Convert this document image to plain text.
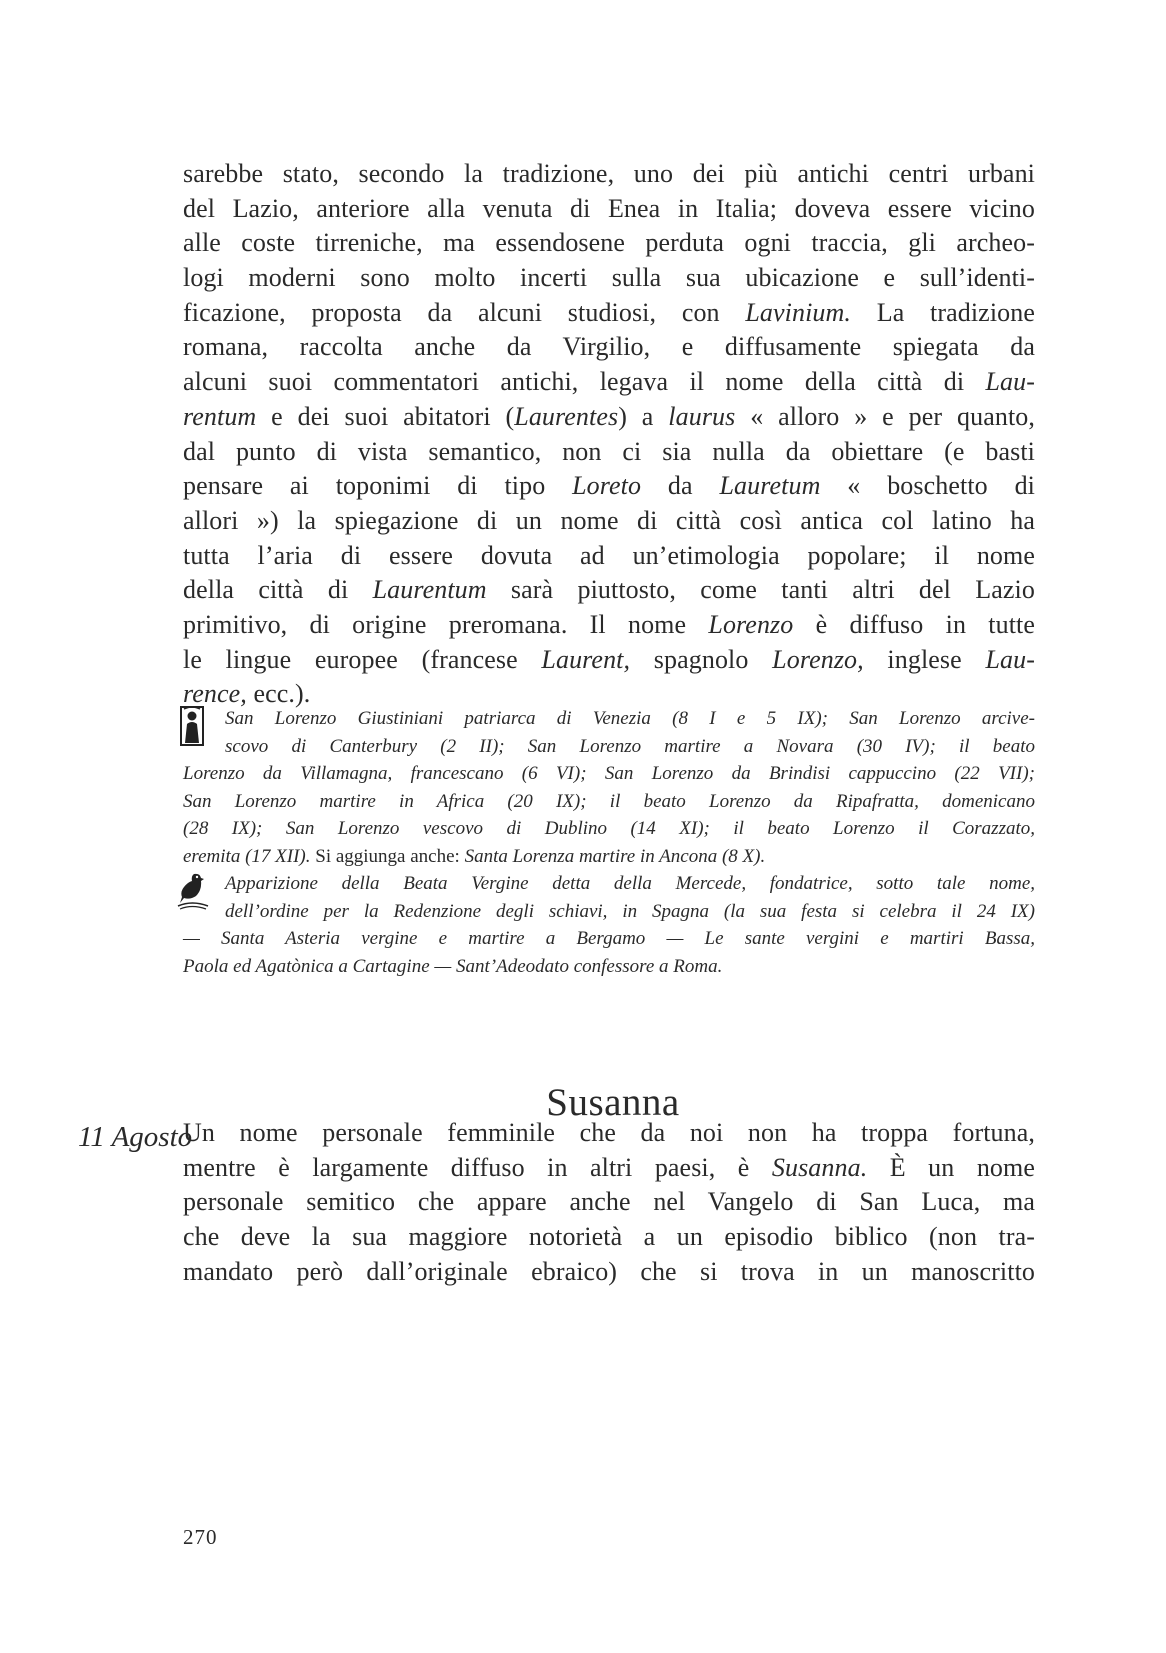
sarebbe stato, secondo la tradizione, uno dei più antichi centri urbani
del Lazio, anteriore alla venuta di Enea in Italia; doveva essere vicino
alle coste tirreniche, ma essendosene perduta ogni traccia, gli archeo-
logi moderni sono molto incerti sulla sua ubicazione e sull’identi-
ficazione, proposta da alcuni studiosi, con Lavinium. La tradizione
romana, raccolta anche da Virgilio, e diffusamente spiegata da
alcuni suoi commentatori antichi, legava il nome della città di Lau-
rentum e dei suoi abitatori (Laurentes) a laurus « alloro » e per quanto,
dal punto di vista semantico, non ci sia nulla da obiettare (e basti
pensare ai toponimi di tipo Loreto da Lauretum « boschetto di
allori ») la spiegazione di un nome di città così antica col latino ha
tutta l’aria di essere dovuta ad un’etimologia popolare; il nome
della città di Laurentum sarà piuttosto, come tanti altri del Lazio
primitivo, di origine preromana. Il nome Lorenzo è diffuso in tutte
le lingue europee (francese Laurent, spagnolo Lorenzo, inglese Lau-
rence, ecc.).
San Lorenzo Giustiniani patriarca di Venezia (8 I e 5 IX); San Lorenzo arcive-
scovo di Canterbury (2 II); San Lorenzo martire a Novara (30 IV); il beato
Lorenzo da Villamagna, francescano (6 VI); San Lorenzo da Brindisi cappuccino (22 VII);
San Lorenzo martire in Africa (20 IX); il beato Lorenzo da Ripafratta, domenicano
(28 IX); San Lorenzo vescovo di Dublino (14 XI); il beato Lorenzo il Corazzato,
eremita (17 XII). Si aggiunga anche: Santa Lorenza martire in Ancona (8 X).
Apparizione della Beata Vergine detta della Mercede, fondatrice, sotto tale nome,
dell’ordine per la Redenzione degli schiavi, in Spagna (la sua festa si celebra il 24 IX)
— Santa Asteria vergine e martire a Bergamo — Le sante vergini e martiri Bassa,
Paola ed Agatònica a Cartagine — Sant’Adeodato confessore a Roma.
Susanna
11 Agosto
Un nome personale femminile che da noi non ha troppa fortuna,
mentre è largamente diffuso in altri paesi, è Susanna. È un nome
personale semitico che appare anche nel Vangelo di San Luca, ma
che deve la sua maggiore notorietà a un episodio biblico (non tra-
mandato però dall’originale ebraico) che si trova in un manoscritto
270
